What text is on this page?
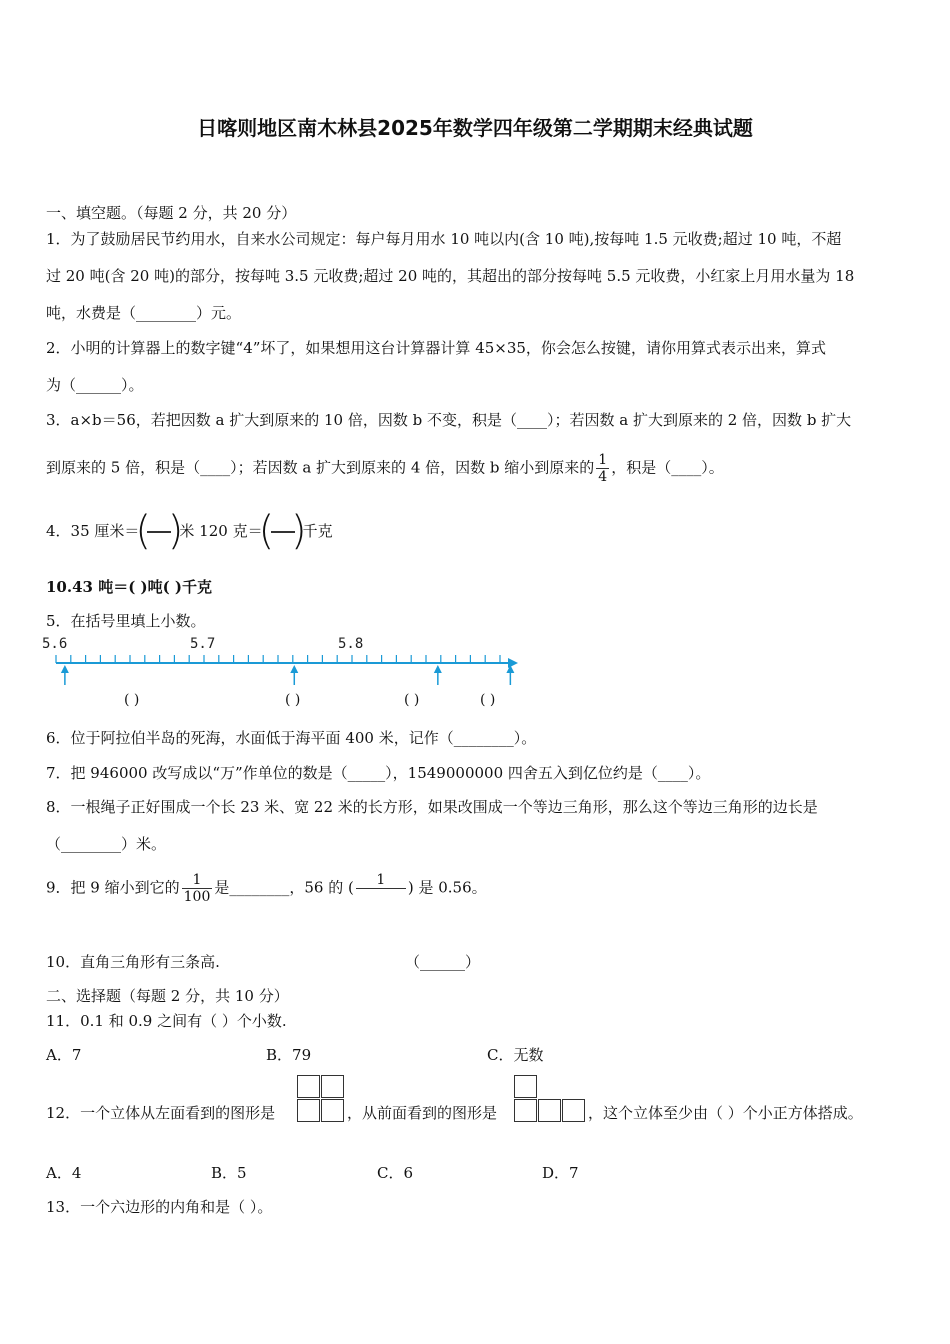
日喀则地区南木林县2025年数学四年级第二学期期末经典试题
一、填空题。（每题 2 分，共 20 分）
1．为了鼓励居民节约用水，自来水公司规定：每户每月用水 10 吨以内(含 10 吨),按每吨 1.5 元收费;超过 10 吨，不超
过 20 吨(含 20 吨)的部分，按每吨 3.5 元收费;超过 20 吨的，其超出的部分按每吨 5.5 元收费，小红家上月用水量为 18
吨，水费是（________）元。
2．小明的计算器上的数字键“4”坏了，如果想用这台计算器计算 45×35，你会怎么按键，请你用算式表示出来，算式
为（______）。
3．a×b＝56，若把因数 a 扩大到原来的 10 倍，因数 b 不变，积是（____）；若因数 a 扩大到原来的 2 倍，因数 b 扩大
到原来的 5 倍，积是（____）；若因数 a 扩大到原来的 4 倍，因数 b 缩小到原来的 $\frac{1}{4}$ ，积是（____）。
4．35 厘米＝
( )
米 120 克＝
( )
千克
10.43 吨＝( )吨( )千克
5．在括号里填上小数。
5.6	5.7	5.8
( )	( )	( )	( )
6．位于阿拉伯半岛的死海，水面低于海平面 400 米，记作（________）。
7．把 946000 改写成以“万”作单位的数是（_____），1549000000 四舍五入到亿位约是（____）。
8．一根绳子正好围成一个长 23 米、宽 22 米的长方形，如果改围成一个等边三角形，那么这个等边三角形的边长是
（________）米。
9．把 9 缩小到它的 $\frac{1}{100}$ 是________，56 的 (	1	) 是 0.56。
10．直角三角形有三条高.	（______）
二、选择题（每题 2 分，共 10 分）
11．0.1 和 0.9 之间有（ ）个小数.
A．7	B．79	C．无数
12．一个立体从左面看到的图形是	，从前面看到的图形是	，这个立体至少由（ ）个小正方体搭成。
A．4	B．5	C．6	D．7
13．一个六边形的内角和是（ ）。
